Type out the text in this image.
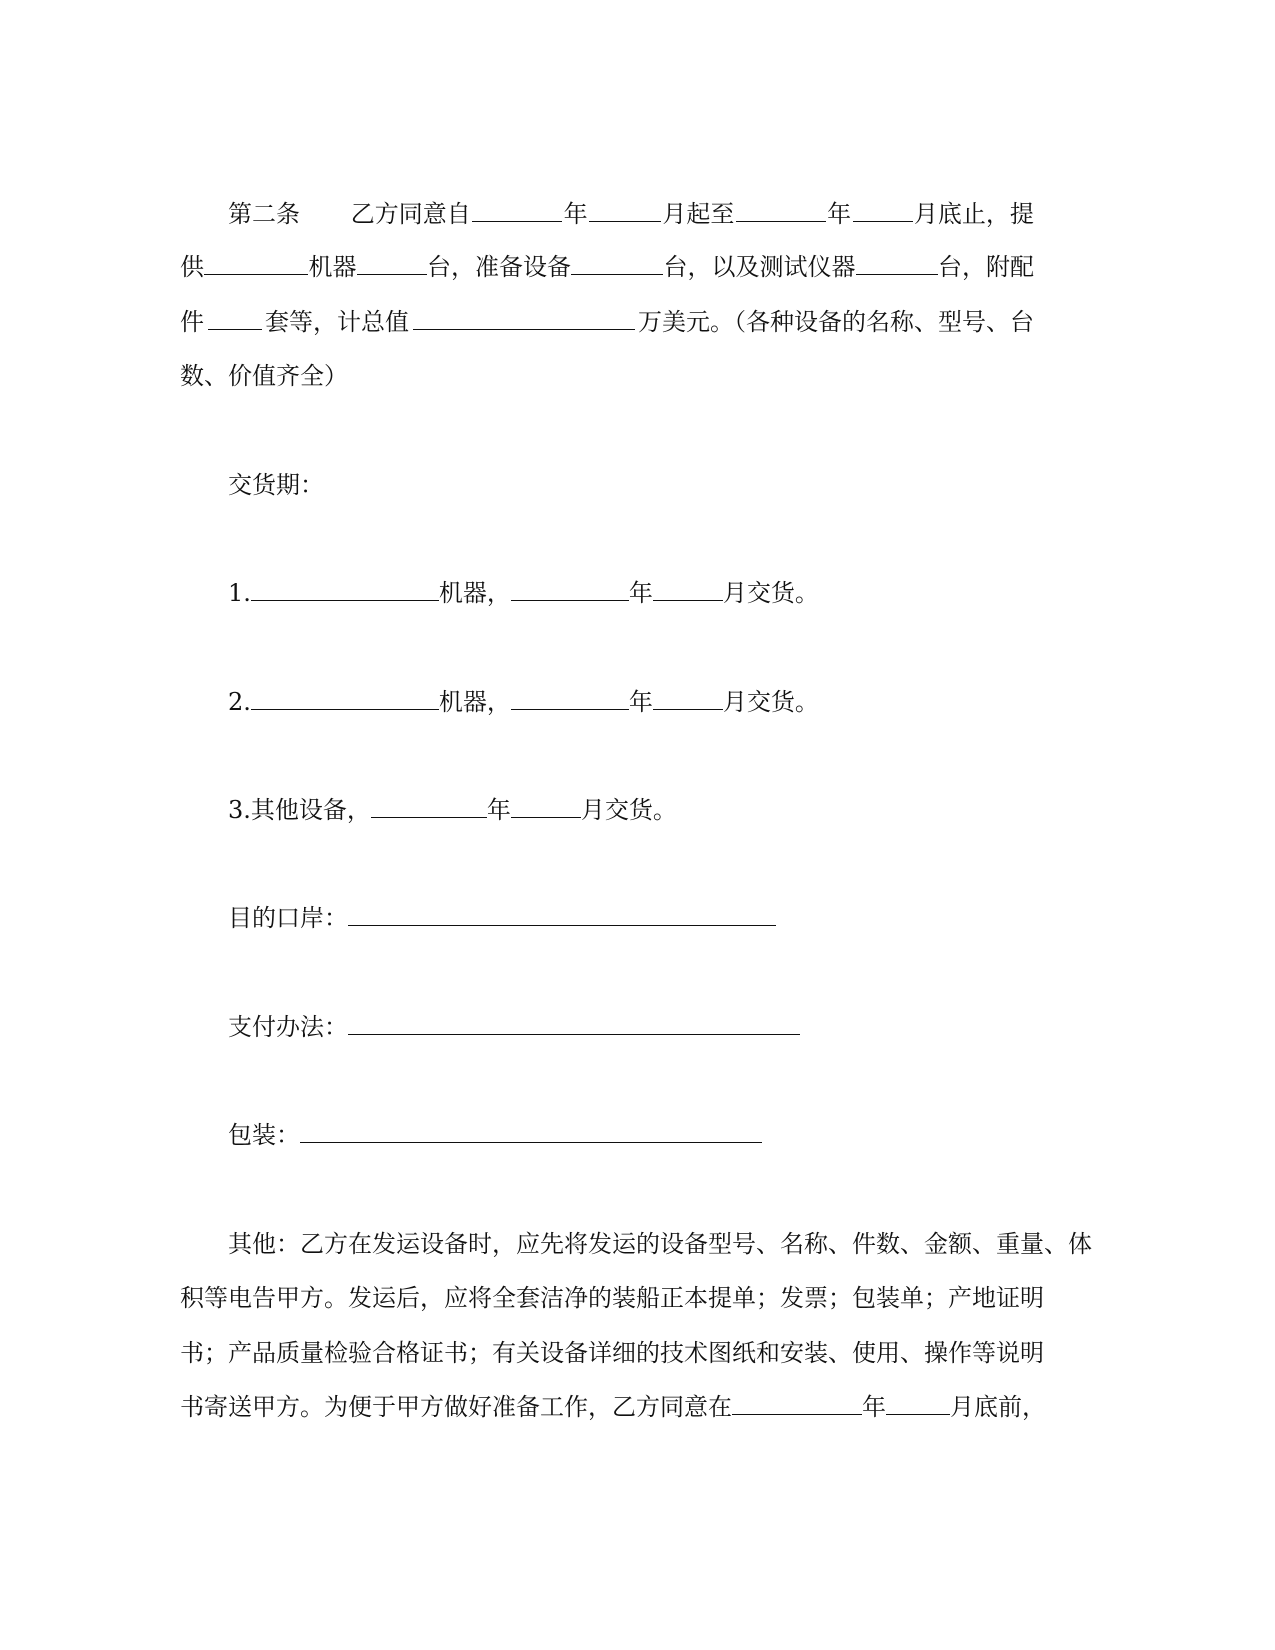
第二条 乙方同意自	年	月起至	年	月底止，提
供	机器	台，准备设备	台，以及测试仪器	台，附配
件	套等，计总值	万美元。（各种设备的名称、型号、台
数、价值齐全）
交货期：
1.	机器，	年	月交货。
2.	机器，	年	月交货。
3.其他设备，	年	月交货。
目的口岸：
支付办法：
包装：
其他：乙方在发运设备时，应先将发运的设备型号、名称、件数、金额、重量、体
积等电告甲方。发运后，应将全套洁净的装船正本提单；发票；包装单；产地证明
书；产品质量检验合格证书；有关设备详细的技术图纸和安装、使用、操作等说明
书寄送甲方。为便于甲方做好准备工作，乙方同意在	年	月底前，
